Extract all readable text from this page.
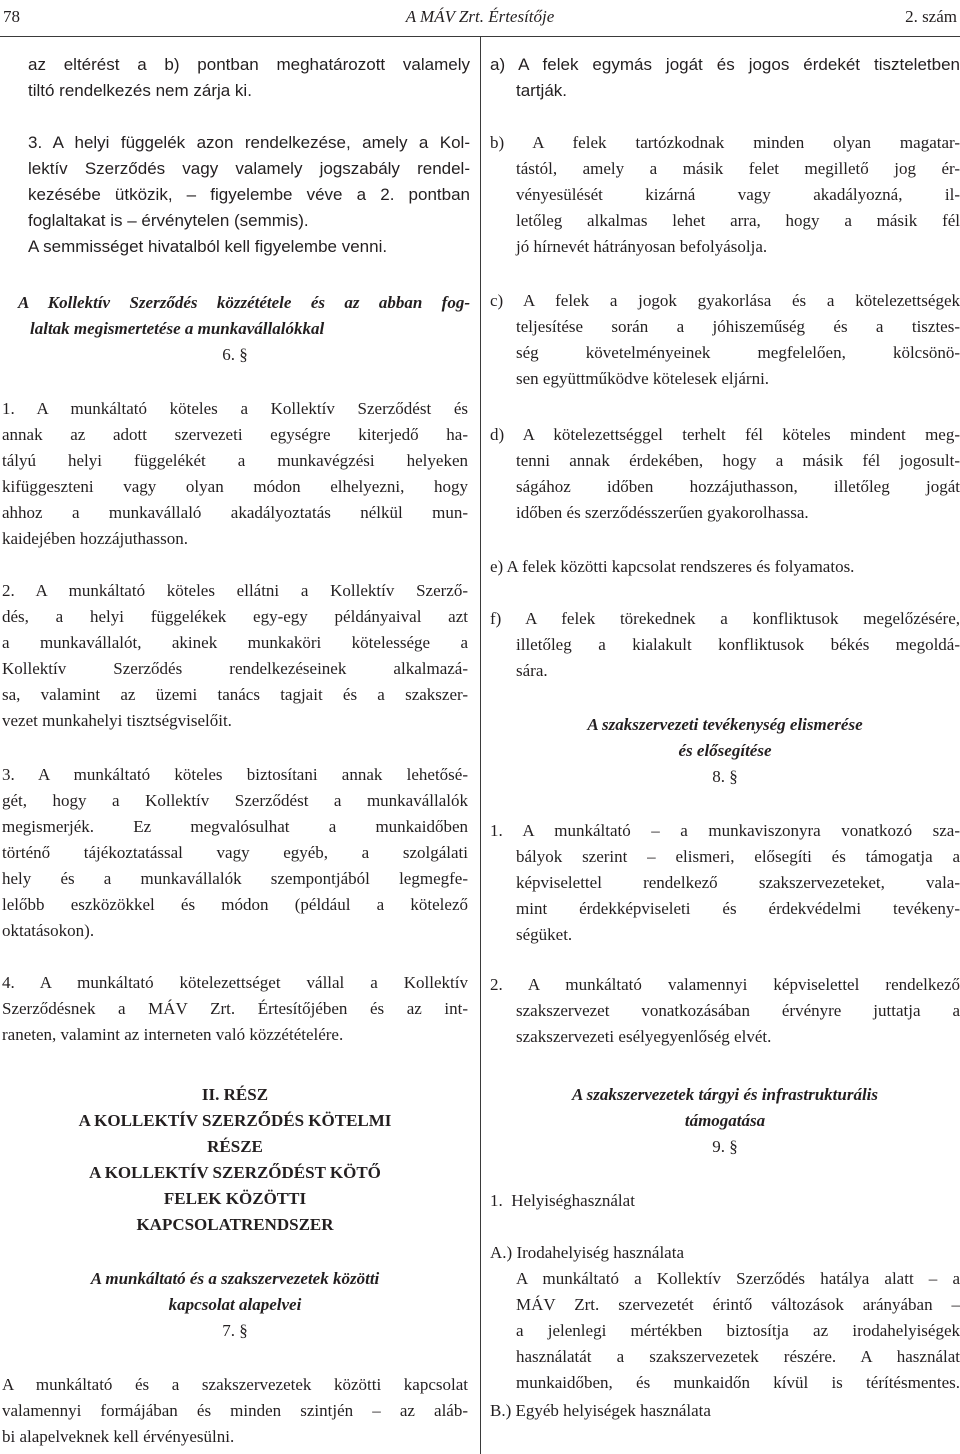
78	A MÁV Zrt. Értesítője	2. szám
az eltérést a b) pontban meghatározott valamely
tiltó rendelkezés nem zárja ki.
3. A helyi függelék azon rendelkezése, amely a Kol-
lektív Szerződés vagy valamely jogszabály rendel-
kezésébe ütközik, – figyelembe véve a 2. pontban
foglaltakat is – érvénytelen (semmis).
A semmisséget hivatalból kell figyelembe venni.
A Kollektív Szerződés közzététele és az abban fog-
laltak megismertetése a munkavállalókkal
6. §
1. A munkáltató köteles a Kollektív Szerződést és
annak az adott szervezeti egységre kiterjedő ha-
tályú helyi függelékét a munkavégzési helyeken
kifüggeszteni vagy olyan módon elhelyezni, hogy
ahhoz a munkavállaló akadályoztatás nélkül mun-
kaidejében hozzájuthasson.
2. A munkáltató köteles ellátni a Kollektív Szerző-
dés, a helyi függelékek egy-egy példányaival azt
a munkavállalót, akinek munkaköri kötelessége a
Kollektív Szerződés rendelkezéseinek alkalmazá-
sa, valamint az üzemi tanács tagjait és a szakszer-
vezet munkahelyi tisztségviselőit.
3. A munkáltató köteles biztosítani annak lehetősé-
gét, hogy a Kollektív Szerződést a munkavállalók
megismerjék. Ez megvalósulhat a munkaidőben
történő tájékoztatással vagy egyéb, a szolgálati
hely és a munkavállalók szempontjából legmegfe-
lelőbb eszközökkel és módon (például a kötelező
oktatásokon).
4. A munkáltató kötelezettséget vállal a Kollektív
Szerződésnek a MÁV Zrt. Értesítőjében és az int-
raneten, valamint az interneten való közzétételére.
II. RÉSZ
A KOLLEKTÍV SZERZŐDÉS KÖTELMI
RÉSZE
A KOLLEKTÍV SZERZŐDÉST KÖTŐ
FELEK KÖZÖTTI
KAPCSOLATRENDSZER
A munkáltató és a szakszervezetek közötti
kapcsolat alapelvei
7. §
A munkáltató és a szakszervezetek közötti kapcsolat
valamennyi formájában és minden szintjén – az aláb-
bi alapelveknek kell érvényesülni.
a) A felek egymás jogát és jogos érdekét tiszteletben
tartják.
b) A felek tartózkodnak minden olyan magatar-
tástól, amely a másik felet megillető jog ér-
vényesülését kizárná vagy akadályozná, il-
letőleg alkalmas lehet arra, hogy a másik fél
jó hírnevét hátrányosan befolyásolja.
c) A felek a jogok gyakorlása és a kötelezettségek
teljesítése során a jóhiszeműség és a tisztes-
ség követelményeinek megfelelően, kölcsönö-
sen együttműködve kötelesek eljárni.
d) A kötelezettséggel terhelt fél köteles mindent meg-
tenni annak érdekében, hogy a másik fél jogosult-
ságához időben hozzájuthasson, illetőleg jogát
időben és szerződésszerűen gyakorolhassa.
e) A felek közötti kapcsolat rendszeres és folyamatos.
f) A felek törekednek a konfliktusok megelőzésére,
illetőleg a kialakult konfliktusok békés megoldá-
sára.
A szakszervezeti tevékenység elismerése
és elősegítése
8. §
1. A munkáltató – a munkaviszonyra vonatkozó sza-
bályok szerint – elismeri, elősegíti és támogatja a
képviselettel rendelkező szakszervezeteket, vala-
mint érdekképviseleti és érdekvédelmi tevékeny-
ségüket.
2. A munkáltató valamennyi képviselettel rendelkező
szakszervezet vonatkozásában érvényre juttatja a
szakszervezeti esélyegyenlőség elvét.
A szakszervezetek tárgyi és infrastrukturális
támogatása
9. §
1.  Helyiséghasználat
A.) Irodahelyiség használata
A munkáltató a Kollektív Szerződés hatálya alatt – a
MÁV Zrt. szervezetét érintő változások arányában –
a jelenlegi mértékben biztosítja az irodahelyiségek
használatát a szakszervezetek részére. A használat
munkaidőben, és munkaidőn kívül is térítésmentes.
B.) Egyéb helyiségek használata
